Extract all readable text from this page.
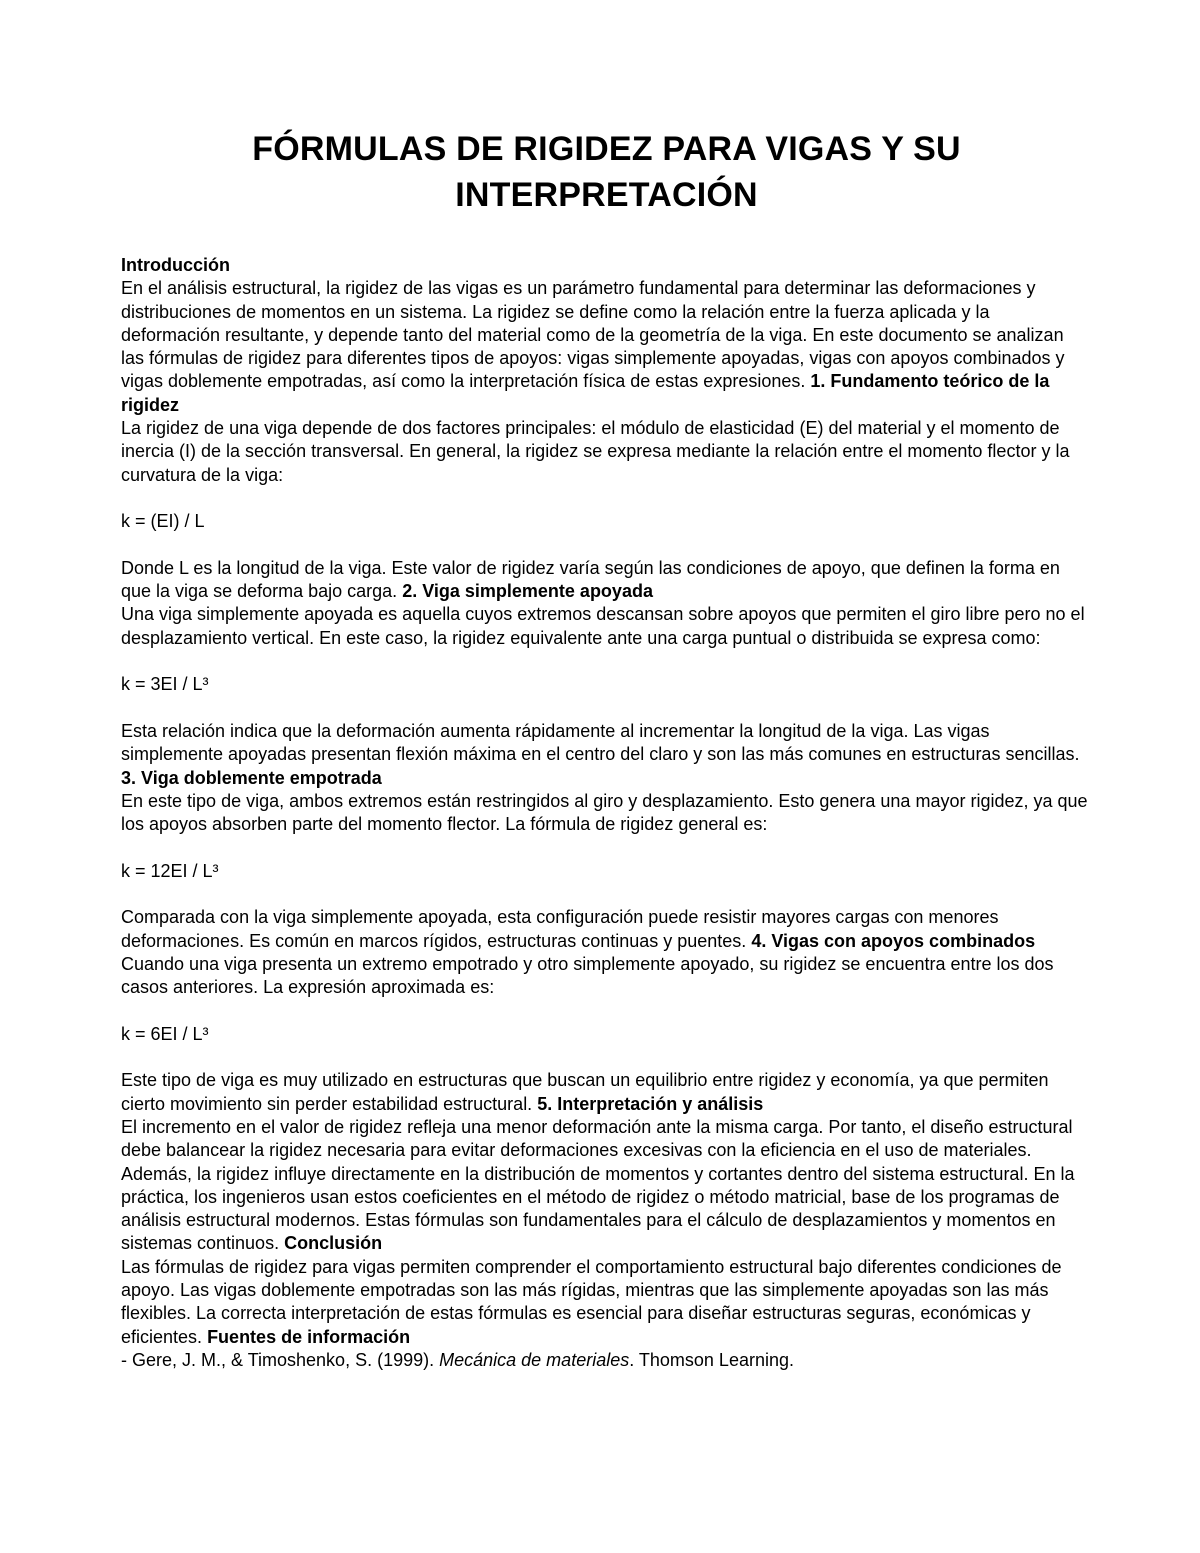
FÓRMULAS DE RIGIDEZ PARA VIGAS Y SU
INTERPRETACIÓN

Introducción
En el análisis estructural, la rigidez de las vigas es un parámetro fundamental para determinar las deformaciones y distribuciones de momentos en un sistema. La rigidez se define como la relación entre la fuerza aplicada y la deformación resultante, y depende tanto del material como de la geometría de la viga. En este documento se analizan las fórmulas de rigidez para diferentes tipos de apoyos: vigas simplemente apoyadas, vigas con apoyos combinados y vigas doblemente empotradas, así como la interpretación física de estas expresiones. 1. Fundamento teórico de la rigidez

La rigidez de una viga depende de dos factores principales: el módulo de elasticidad (E) del material y el momento de inercia (I) de la sección transversal. En general, la rigidez se expresa mediante la relación entre el momento flector y la curvatura de la viga:

k = (EI) / L

Donde L es la longitud de la viga. Este valor de rigidez varía según las condiciones de apoyo, que definen la forma en que la viga se deforma bajo carga. 2. Viga simplemente apoyada

Una viga simplemente apoyada es aquella cuyos extremos descansan sobre apoyos que permiten el giro libre pero no el desplazamiento vertical. En este caso, la rigidez equivalente ante una carga puntual o distribuida se expresa como:

k = 3EI / L³

Esta relación indica que la deformación aumenta rápidamente al incrementar la longitud de la viga. Las vigas simplemente apoyadas presentan flexión máxima en el centro del claro y son las más comunes en estructuras sencillas. 3. Viga doblemente empotrada

En este tipo de viga, ambos extremos están restringidos al giro y desplazamiento. Esto genera una mayor rigidez, ya que los apoyos absorben parte del momento flector. La fórmula de rigidez general es:

k = 12EI / L³

Comparada con la viga simplemente apoyada, esta configuración puede resistir mayores cargas con menores deformaciones. Es común en marcos rígidos, estructuras continuas y puentes. 4. Vigas con apoyos combinados

Cuando una viga presenta un extremo empotrado y otro simplemente apoyado, su rigidez se encuentra entre los dos casos anteriores. La expresión aproximada es:

k = 6EI / L³

Este tipo de viga es muy utilizado en estructuras que buscan un equilibrio entre rigidez y economía, ya que permiten cierto movimiento sin perder estabilidad estructural. 5. Interpretación y análisis

El incremento en el valor de rigidez refleja una menor deformación ante la misma carga. Por tanto, el diseño estructural debe balancear la rigidez necesaria para evitar deformaciones excesivas con la eficiencia en el uso de materiales. Además, la rigidez influye directamente en la distribución de momentos y cortantes dentro del sistema estructural. En la práctica, los ingenieros usan estos coeficientes en el método de rigidez o método matricial, base de los programas de análisis estructural modernos. Estas fórmulas son fundamentales para el cálculo de desplazamientos y momentos en sistemas continuos. Conclusión

Las fórmulas de rigidez para vigas permiten comprender el comportamiento estructural bajo diferentes condiciones de apoyo. Las vigas doblemente empotradas son las más rígidas, mientras que las simplemente apoyadas son las más flexibles. La correcta interpretación de estas fórmulas es esencial para diseñar estructuras seguras, económicas y eficientes. Fuentes de información

- Gere, J. M., & Timoshenko, S. (1999). Mecánica de materiales. Thomson Learning.
